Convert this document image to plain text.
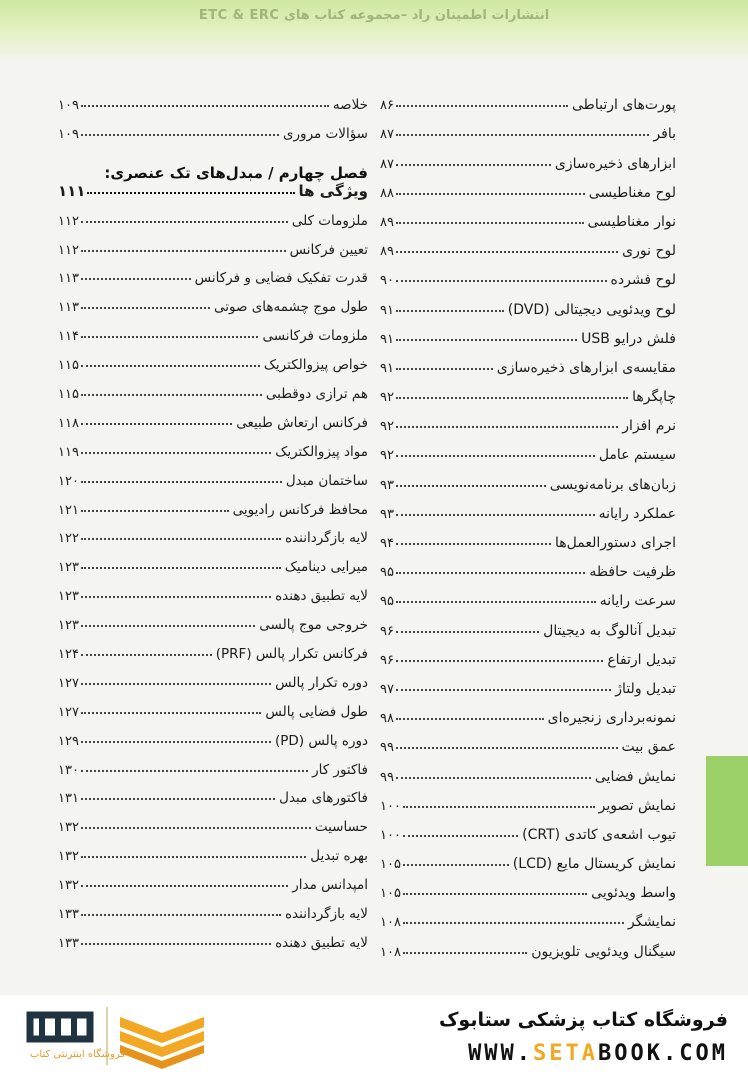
انتشارات اطمینان راد –مجموعه کتاب های ETC & ERC
پورت‌های ارتباطی
۸۶
بافر
۸۷
ابزارهای ذخیره‌سازی
۸۷
لوح مغناطیسی
۸۸
نوار مغناطیسی
۸۹
لوح نوری
۸۹
لوح فشرده
۹۰
لوح ویدئویی دیجیتالی (DVD)
۹۱
فلش درایو USB
۹۱
مقایسه‌ی ابزارهای ذخیره‌سازی
۹۱
چاپگرها
۹۲
نرم افزار
۹۲
سیستم عامل
۹۲
زبان‌های برنامه‌نویسی
۹۳
عملکرد رایانه
۹۳
اجرای دستورالعمل‌ها
۹۴
ظرفیت حافظه
۹۵
سرعت رایانه
۹۵
تبدیل آنالوگ به دیجیتال
۹۶
تبدیل ارتفاع
۹۶
تبدیل ولتاژ
۹۷
نمونه‌برداری زنجیره‌ای
۹۸
عمق بیت
۹۹
نمایش فضایی
۹۹
نمایش تصویر
۱۰۰
تیوب اشعه‌ی کاتدی (CRT)
۱۰۰
نمایش کریستال مایع (LCD)
۱۰۵
واسط ویدئویی
۱۰۵
نمایشگر
۱۰۸
سیگنال ویدئویی تلویزیون
۱۰۸
خلاصه
۱۰۹
سؤالات مروری
۱۰۹
فصل چهارم / مبدل‌های تک عنصری:
ویژگی ها
۱۱۱
ملزومات کلی
۱۱۲
تعیین فرکانس
۱۱۲
قدرت تفکیک فضایی و فرکانس
۱۱۳
طول موج چشمه‌های صوتی
۱۱۳
ملزومات فرکانسی
۱۱۴
خواص پیزوالکتریک
۱۱۵
هم ترازی دوقطبی
۱۱۵
فرکانس ارتعاش طبیعی
۱۱۸
مواد پیزوالکتریک
۱۱۹
ساختمان مبدل
۱۲۰
محافظ فرکانس رادیویی
۱۲۱
لایه بازگرداننده
۱۲۲
میرایی دینامیک
۱۲۳
لایه تطبیق دهنده
۱۲۳
خروجی موج پالسی
۱۲۳
فرکانس تکرار پالس (PRF)
۱۲۴
دوره تکرار پالس
۱۲۷
طول فضایی پالس
۱۲۷
دوره پالس (PD)
۱۲۹
فاکتور کار
۱۳۰
فاکتورهای مبدل
۱۳۱
حساسیت
۱۳۲
بهره تبدیل
۱۳۲
امپدانس مدار
۱۳۲
لایه بازگرداننده
۱۳۳
لایه تطبیق دهنده
۱۳۳
فروشگاه اینترنتی کتاب
فروشگاه کتاب پزشکی ستابوک
WWW.SETABOOK.COM
